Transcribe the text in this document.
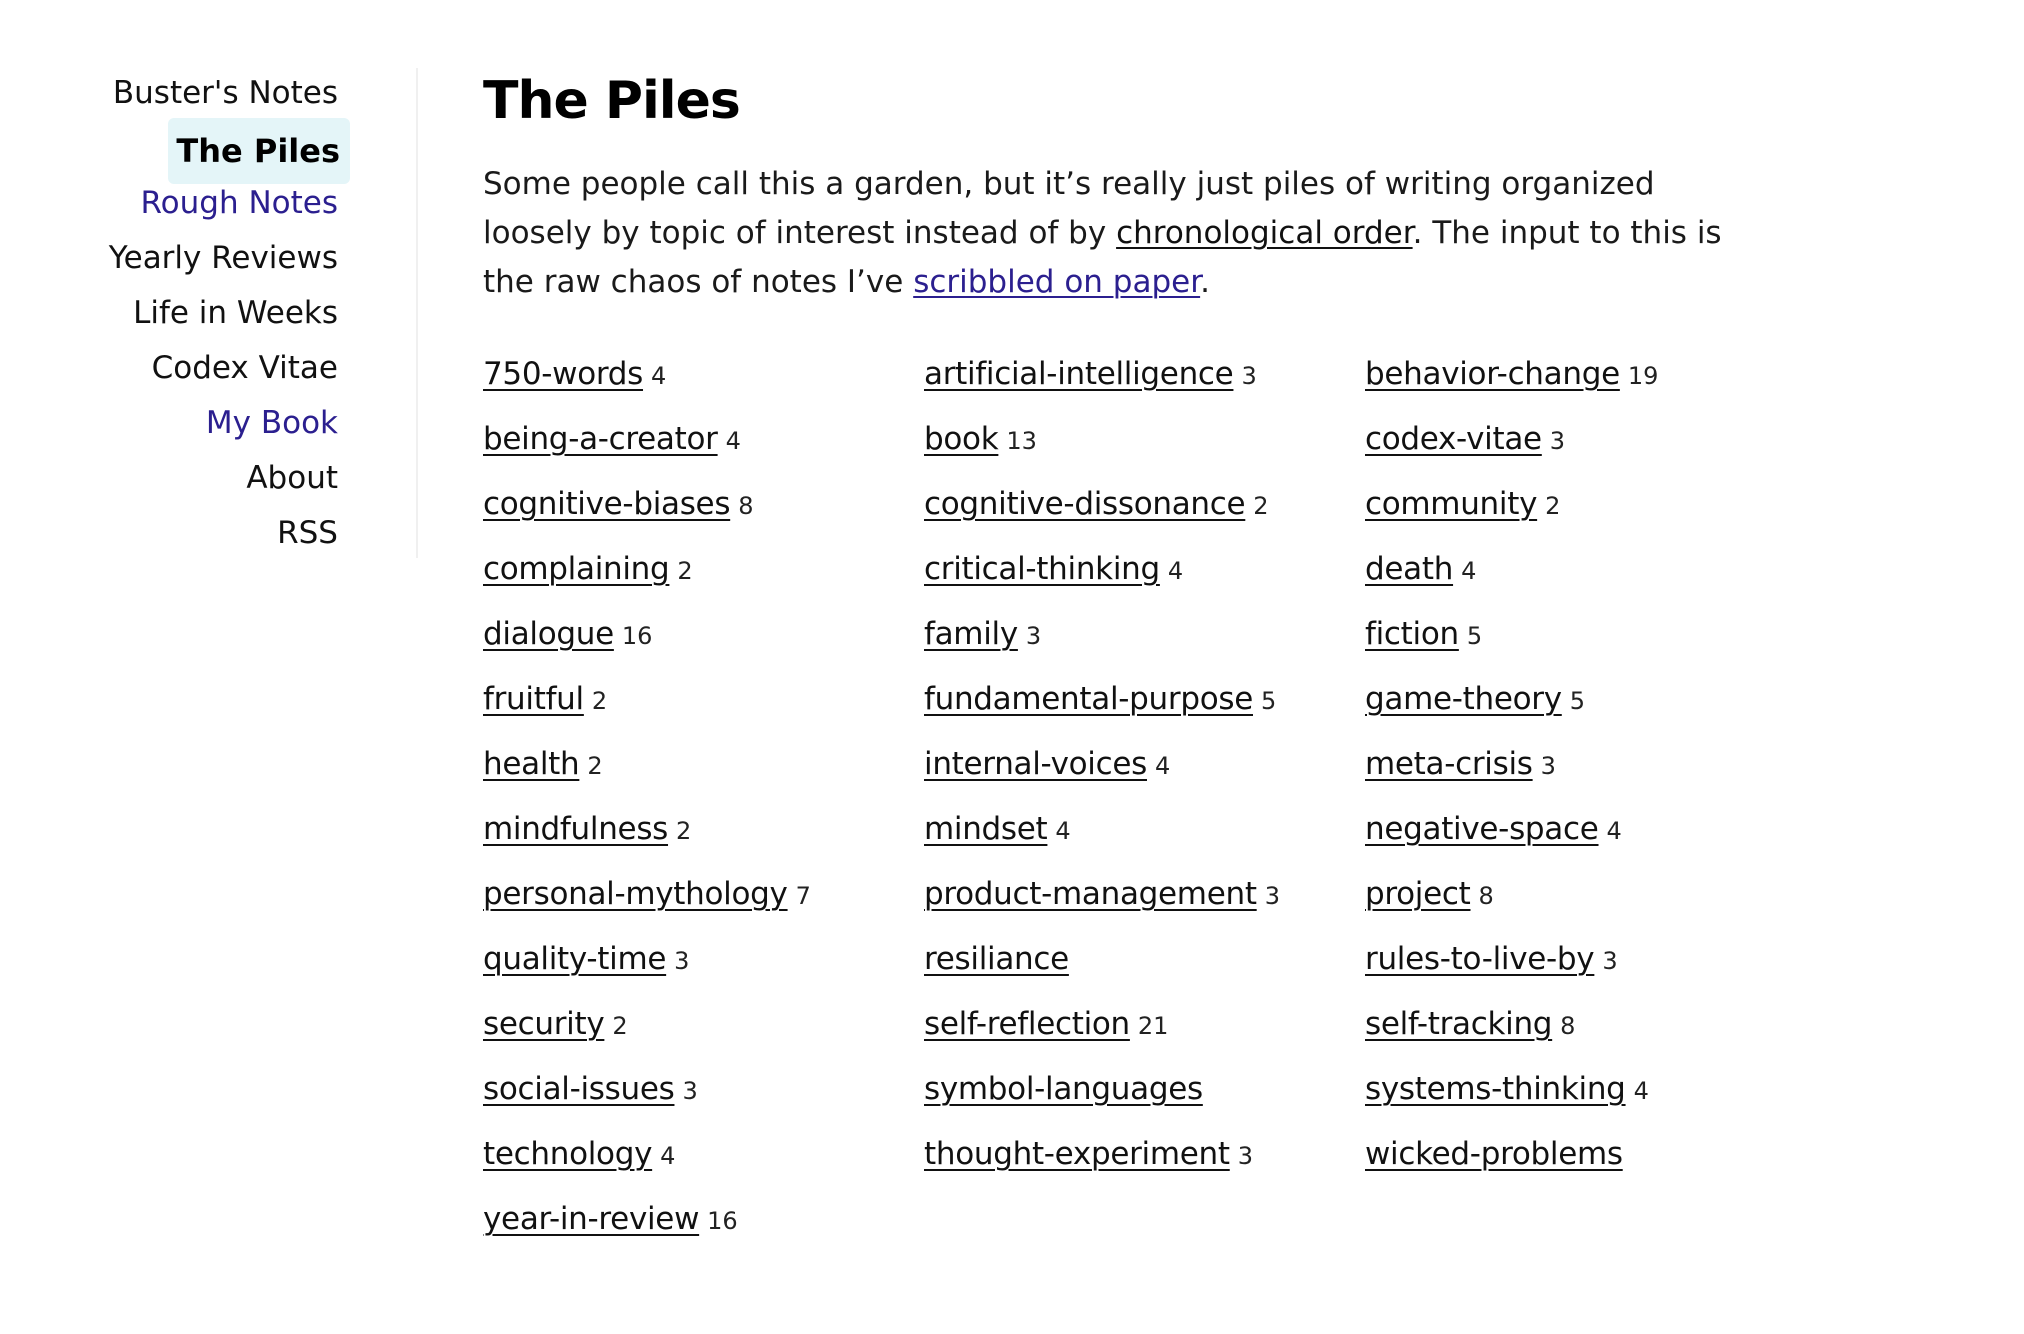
Buster's Notes
The Piles
Rough Notes
Yearly Reviews
Life in Weeks
Codex Vitae
My Book
About
RSS
The Piles

Some people call this a garden, but it’s really just piles of writing organized loosely by topic of interest instead of by chronological order. The input to this is the raw chaos of notes I’ve scribbled on paper.

750-words 4
being-a-creator 4
cognitive-biases 8
complaining 2
dialogue 16
fruitful 2
health 2
mindfulness 2
personal-mythology 7
quality-time 3
security 2
social-issues 3
technology 4
year-in-review 16
artificial-intelligence 3
book 13
cognitive-dissonance 2
critical-thinking 4
family 3
fundamental-purpose 5
internal-voices 4
mindset 4
product-management 3
resiliance
self-reflection 21
symbol-languages
thought-experiment 3
behavior-change 19
codex-vitae 3
community 2
death 4
fiction 5
game-theory 5
meta-crisis 3
negative-space 4
project 8
rules-to-live-by 3
self-tracking 8
systems-thinking 4
wicked-problems
